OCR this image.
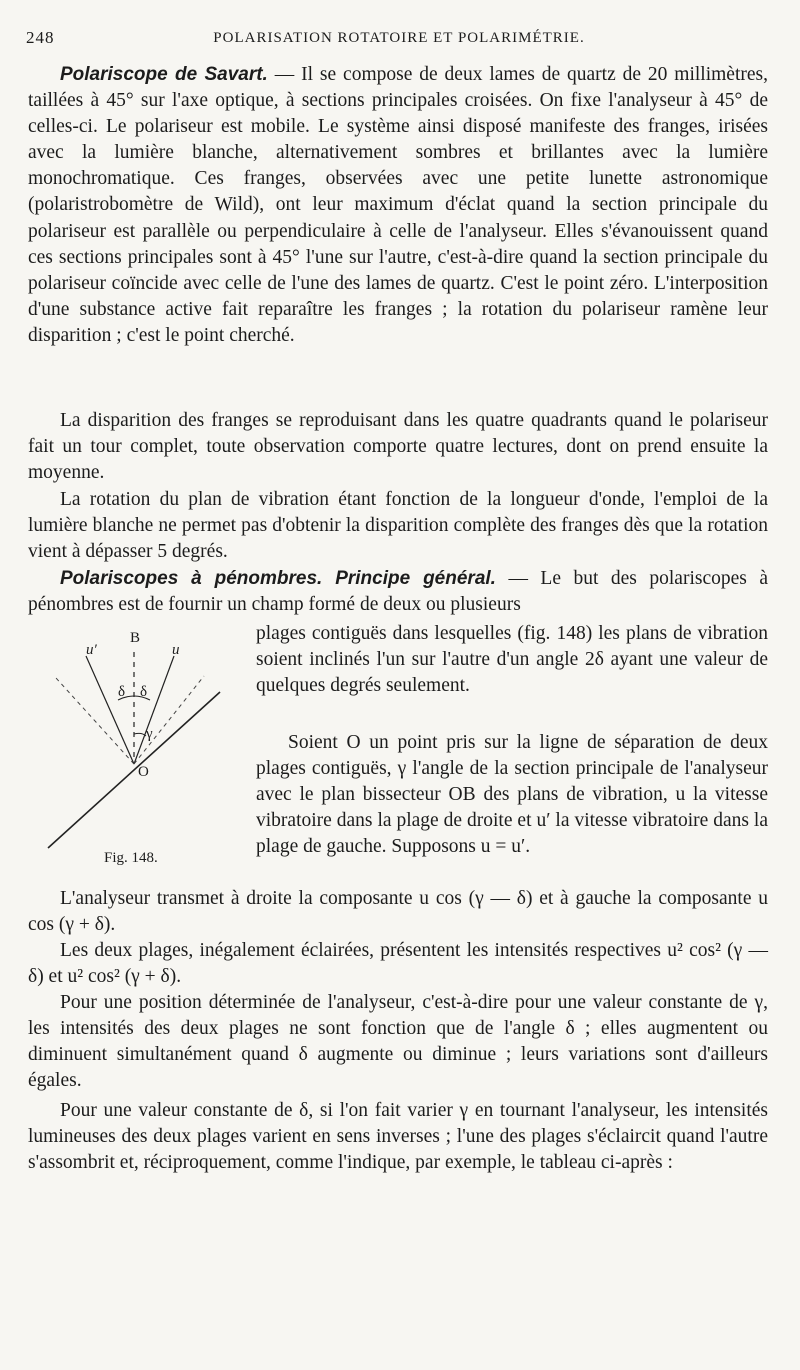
248	POLARISATION ROTATOIRE ET POLARIMÉTRIE.

Polariscope de Savart. — Il se compose de deux lames de quartz de 20 millimètres, taillées à 45° sur l'axe optique, à sections principales croisées. On fixe l'analyseur à 45° de celles-ci. Le polariseur est mobile. Le système ainsi disposé manifeste des franges, irisées avec la lumière blanche, alternativement sombres et brillantes avec la lumière monochromatique. Ces franges, observées avec une petite lunette astronomique (polaristrobomètre de Wild), ont leur maximum d'éclat quand la section principale du polariseur est parallèle ou perpendiculaire à celle de l'analyseur. Elles s'évanouissent quand ces sections principales sont à 45° l'une sur l'autre, c'est-à-dire quand la section principale du polariseur coïncide avec celle de l'une des lames de quartz. C'est le point zéro. L'interposition d'une substance active fait reparaître les franges ; la rotation du polariseur ramène leur disparition ; c'est le point cherché.

La disparition des franges se reproduisant dans les quatre quadrants quand le polariseur fait un tour complet, toute observation comporte quatre lectures, dont on prend ensuite la moyenne.

La rotation du plan de vibration étant fonction de la longueur d'onde, l'emploi de la lumière blanche ne permet pas d'obtenir la disparition complète des franges dès que la rotation vient à dépasser 5 degrés.

Polariscopes à pénombres. Principe général. — Le but des polariscopes à pénombres est de fournir un champ formé de deux ou plusieurs

plages contiguës dans lesquelles (fig. 148) les plans de vibration soient inclinés l'un sur l'autre d'un angle 2δ ayant une valeur de quelques degrés seulement.

Soient O un point pris sur la ligne de séparation de deux plages contiguës, γ l'angle de la section principale de l'analyseur avec le plan bissecteur OB des plans de vibration, u la vitesse vibratoire dans la plage de droite et u′ la vitesse vibratoire dans la plage de gauche. Supposons u = u′.

B
u′	u
δ δ
γ
O
Fig. 148.

L'analyseur transmet à droite la composante u cos (γ — δ) et à gauche la composante u cos (γ + δ).

Les deux plages, inégalement éclairées, présentent les intensités respectives u² cos² (γ — δ) et u² cos² (γ + δ).

Pour une position déterminée de l'analyseur, c'est-à-dire pour une valeur constante de γ, les intensités des deux plages ne sont fonction que de l'angle δ ; elles augmentent ou diminuent simultanément quand δ augmente ou diminue ; leurs variations sont d'ailleurs égales.

Pour une valeur constante de δ, si l'on fait varier γ en tournant l'analyseur, les intensités lumineuses des deux plages varient en sens inverses ; l'une des plages s'éclaircit quand l'autre s'assombrit et, réciproquement, comme l'indique, par exemple, le tableau ci-après :
